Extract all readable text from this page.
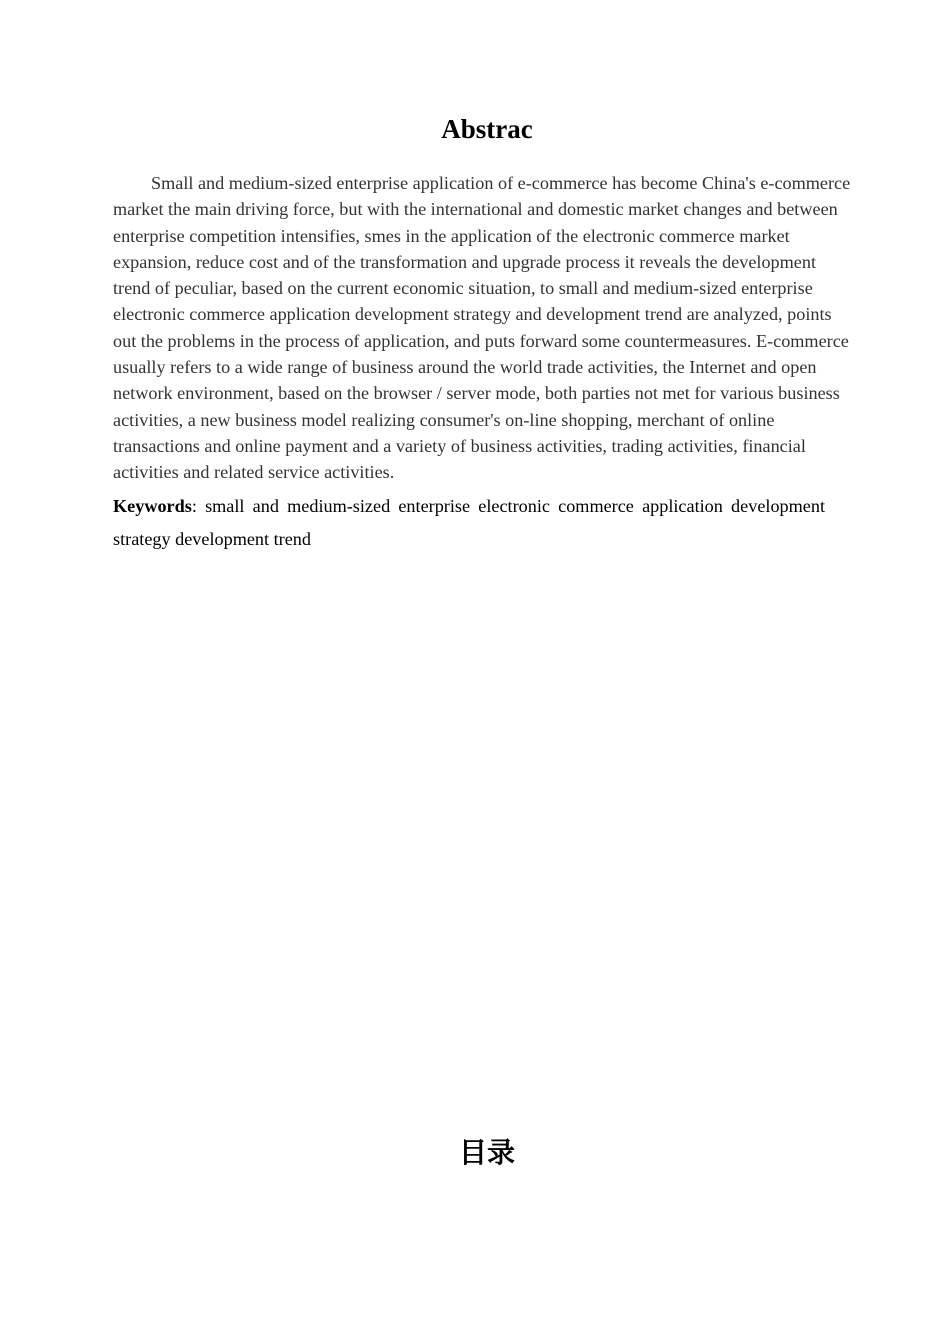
Abstrac

Small and medium-sized enterprise application of e-commerce has become China's e-commerce market the main driving force, but with the international and domestic market changes and between enterprise competition intensifies, smes in the application of the electronic commerce market expansion, reduce cost and of the transformation and upgrade process it reveals the development trend of peculiar, based on the current economic situation, to small and medium-sized enterprise electronic commerce application development strategy and development trend are analyzed, points out the problems in the process of application, and puts forward some countermeasures. E-commerce usually refers to a wide range of business around the world trade activities, the Internet and open network environment, based on the browser / server mode, both parties not met for various business activities, a new business model realizing consumer's on-line shopping, merchant of online transactions and online payment and a variety of business activities, trading activities, financial activities and related service activities.

Keywords: small and medium-sized enterprise electronic commerce application development strategy development trend

目录
